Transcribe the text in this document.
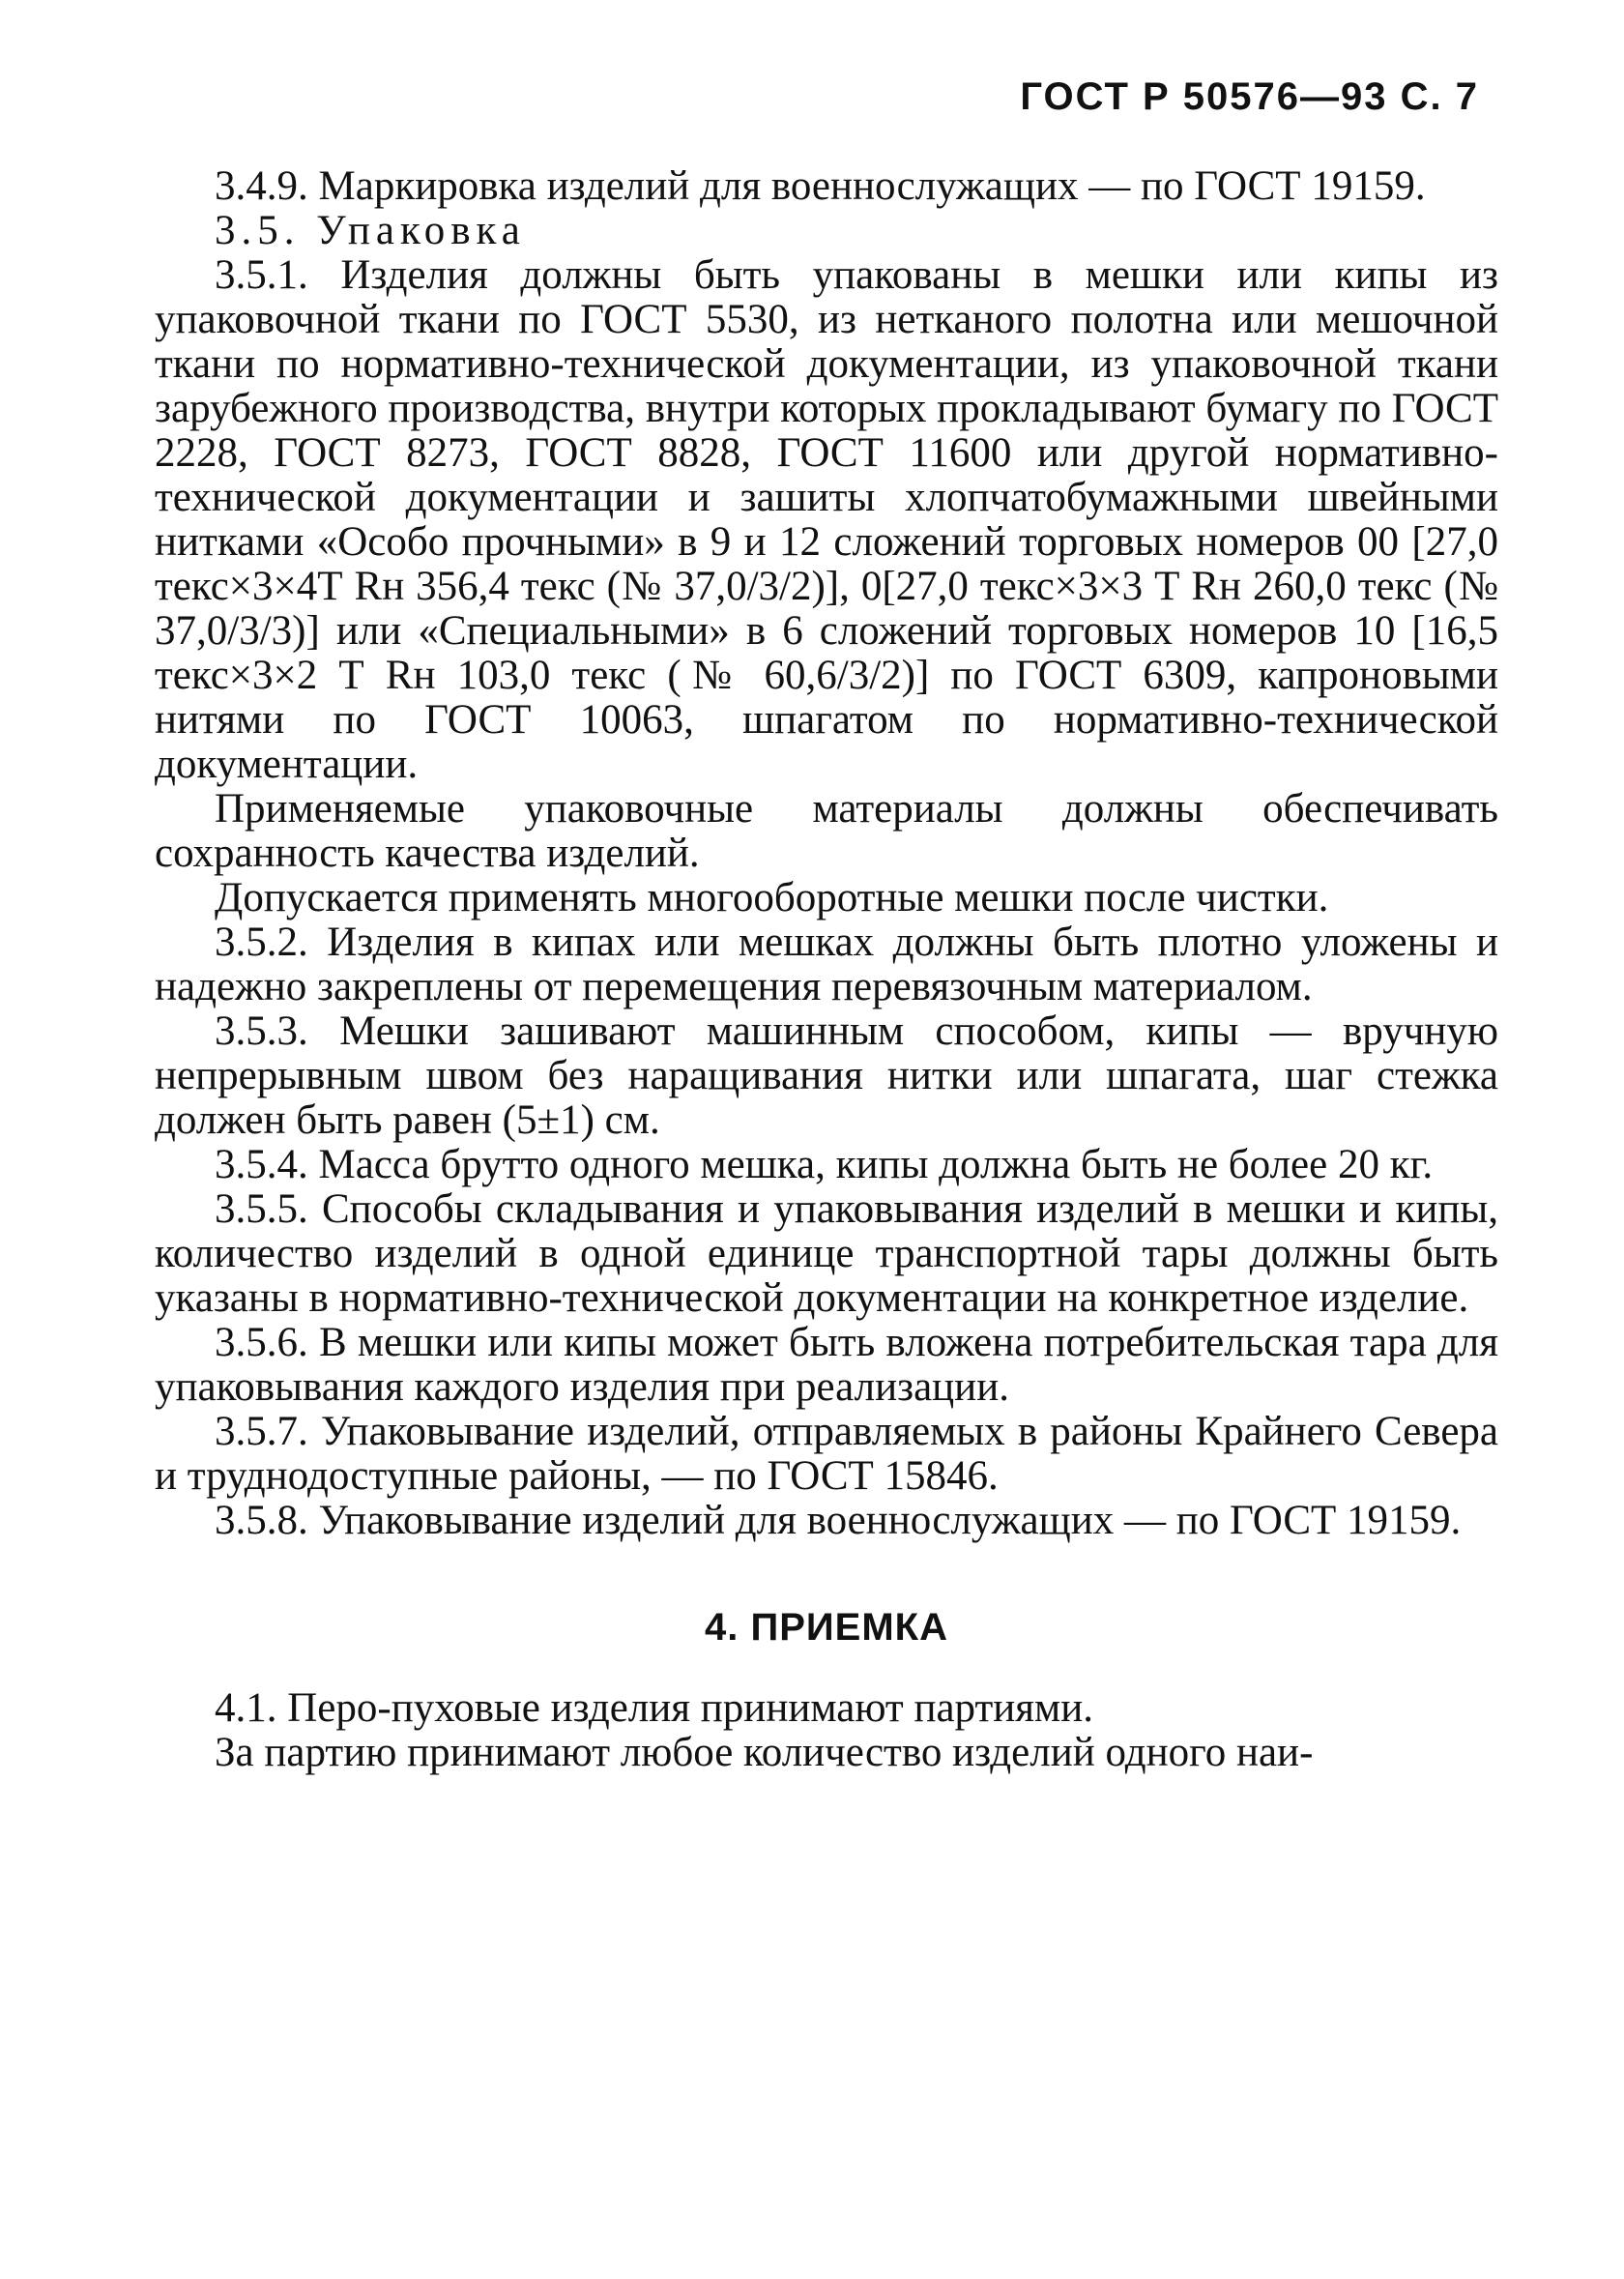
ГОСТ Р 50576—93 С. 7

3.4.9. Маркировка изделий для военнослужащих — по ГОСТ 19159.

3.5. Упаковка

3.5.1. Изделия должны быть упакованы в мешки или кипы из упаковочной ткани по ГОСТ 5530, из нетканого полотна или мешочной ткани по нормативно-технической документации, из упаковочной ткани зарубежного производства, внутри которых прокладывают бумагу по ГОСТ 2228, ГОСТ 8273, ГОСТ 8828, ГОСТ 11600 или другой нормативно-технической документации и зашиты хлопчатобумажными швейными нитками «Особо прочными» в 9 и 12 сложений торговых номеров 00 [27,0 текс×3×4Т Rн 356,4 текс (№ 37,0/3/2)], 0[27,0 текс×3×3 Т Rн 260,0 текс (№ 37,0/3/3)] или «Специальными» в 6 сложений торговых номеров 10 [16,5 текс×3×2 Т Rн 103,0 текс (№ 60,6/3/2)] по ГОСТ 6309, капроновыми нитями по ГОСТ 10063, шпагатом по нормативно-технической документации.

Применяемые упаковочные материалы должны обеспечивать сохранность качества изделий.

Допускается применять многооборотные мешки после чистки.

3.5.2. Изделия в кипах или мешках должны быть плотно уложены и надежно закреплены от перемещения перевязочным материалом.

3.5.3. Мешки зашивают машинным способом, кипы — вручную непрерывным швом без наращивания нитки или шпагата, шаг стежка должен быть равен (5±1) см.

3.5.4. Масса брутто одного мешка, кипы должна быть не более 20 кг.

3.5.5. Способы складывания и упаковывания изделий в мешки и кипы, количество изделий в одной единице транспортной тары должны быть указаны в нормативно-технической документации на конкретное изделие.

3.5.6. В мешки или кипы может быть вложена потребительская тара для упаковывания каждого изделия при реализации.

3.5.7. Упаковывание изделий, отправляемых в районы Крайнего Севера и труднодоступные районы, — по ГОСТ 15846.

3.5.8. Упаковывание изделий для военнослужащих — по ГОСТ 19159.

4. ПРИЕМКА

4.1. Перо-пуховые изделия принимают партиями.

За партию принимают любое количество изделий одного наи-
